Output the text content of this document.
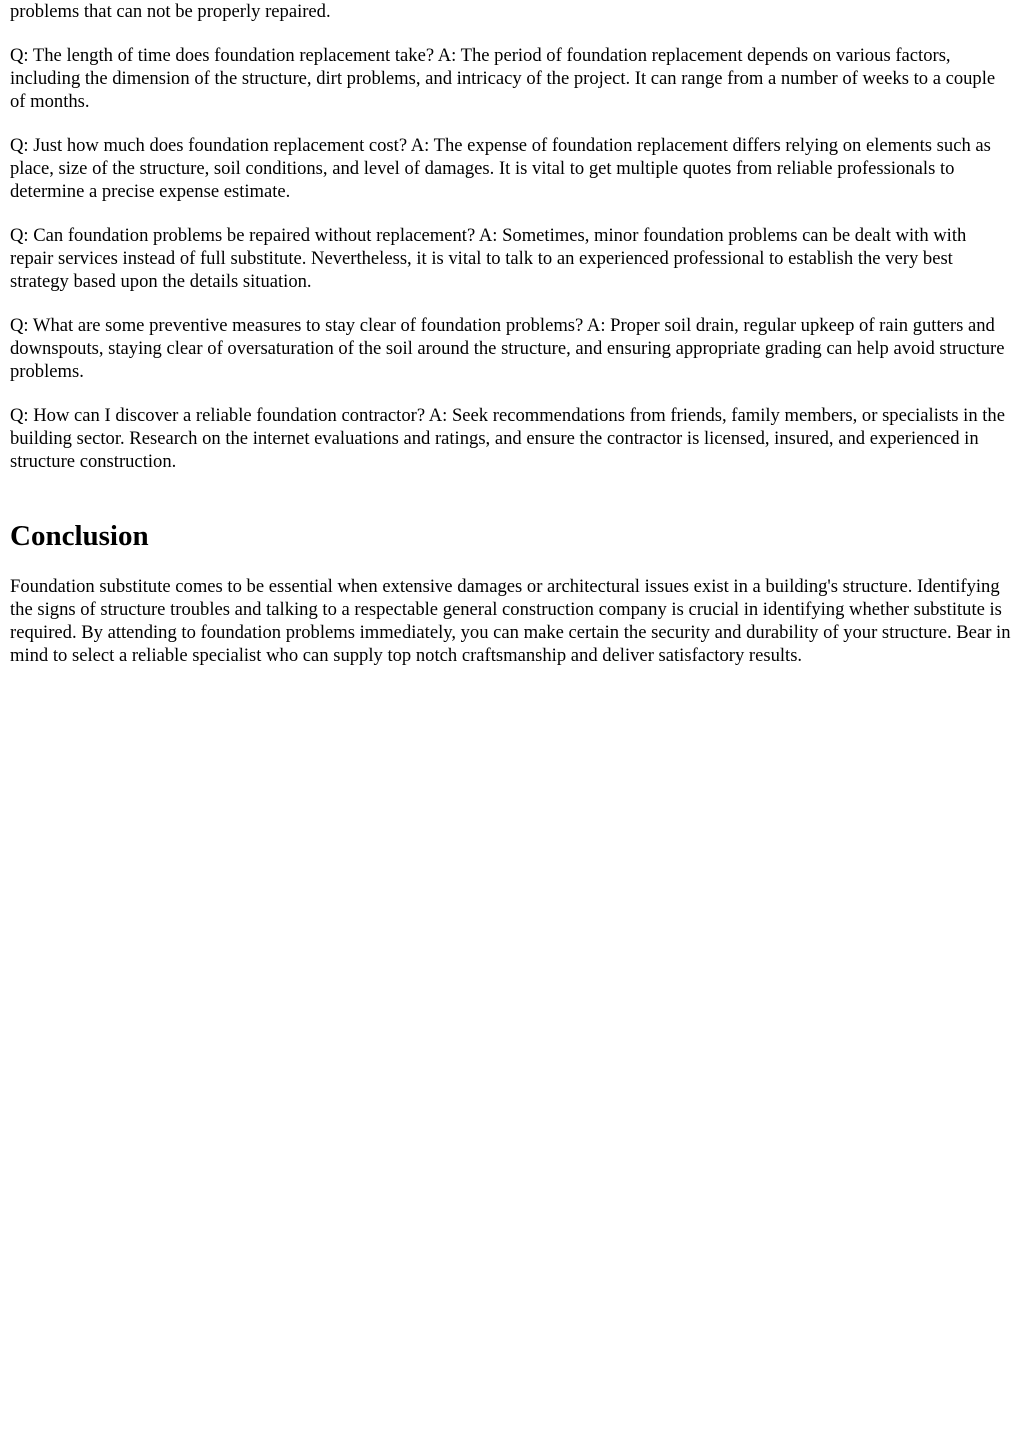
problems that can not be properly repaired.

Q: The length of time does foundation replacement take? A: The period of foundation replacement depends on various factors, including the dimension of the structure, dirt problems, and intricacy of the project. It can range from a number of weeks to a couple of months.

Q: Just how much does foundation replacement cost? A: The expense of foundation replacement differs relying on elements such as place, size of the structure, soil conditions, and level of damages. It is vital to get multiple quotes from reliable professionals to determine a precise expense estimate.

Q: Can foundation problems be repaired without replacement? A: Sometimes, minor foundation problems can be dealt with with repair services instead of full substitute. Nevertheless, it is vital to talk to an experienced professional to establish the very best strategy based upon the details situation.

Q: What are some preventive measures to stay clear of foundation problems? A: Proper soil drain, regular upkeep of rain gutters and downspouts, staying clear of oversaturation of the soil around the structure, and ensuring appropriate grading can help avoid structure problems.

Q: How can I discover a reliable foundation contractor? A: Seek recommendations from friends, family members, or specialists in the building sector. Research on the internet evaluations and ratings, and ensure the contractor is licensed, insured, and experienced in structure construction.

Conclusion

Foundation substitute comes to be essential when extensive damages or architectural issues exist in a building's structure. Identifying the signs of structure troubles and talking to a respectable general construction company is crucial in identifying whether substitute is required. By attending to foundation problems immediately, you can make certain the security and durability of your structure. Bear in mind to select a reliable specialist who can supply top notch craftsmanship and deliver satisfactory results.
